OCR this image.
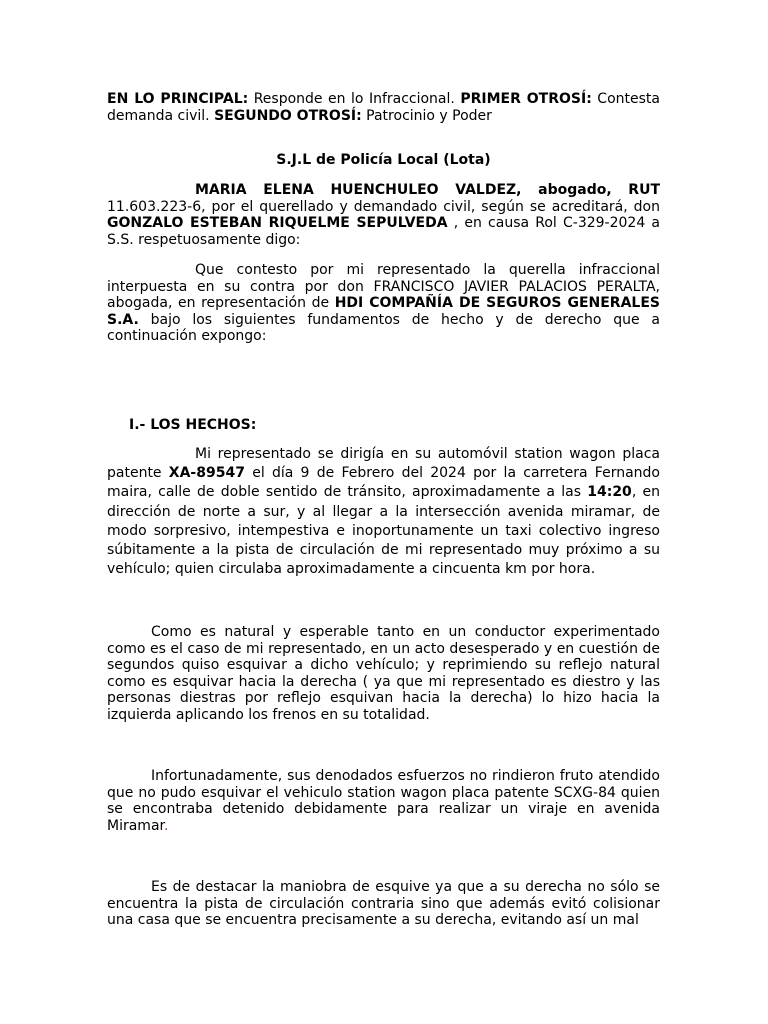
EN LO PRINCIPAL: Responde en lo Infraccional. PRIMER OTROSÍ: Contesta demanda civil. SEGUNDO OTROSÍ: Patrocinio y Poder

S.J.L de Policía Local (Lota)

MARIA ELENA HUENCHULEO VALDEZ, abogado, RUT 11.603.223-6, por el querellado y demandado civil, según se acreditará, don GONZALO ESTEBAN RIQUELME SEPULVEDA , en causa Rol C-329-2024 a S.S. respetuosamente digo:

Que contesto por mi representado la querella infraccional interpuesta en su contra por don FRANCISCO JAVIER PALACIOS PERALTA, abogada, en representación de HDI COMPAÑÍA DE SEGUROS GENERALES S.A. bajo los siguientes fundamentos de hecho y de derecho que a continuación expongo:

I.- LOS HECHOS:

Mi representado se dirigía en su automóvil station wagon placa patente XA-89547 el día 9 de Febrero del 2024 por la carretera Fernando maira, calle de doble sentido de tránsito, aproximadamente a las 14:20, en dirección de norte a sur, y al llegar a la intersección avenida miramar, de modo sorpresivo, intempestiva e inoportunamente un taxi colectivo ingreso súbitamente a la pista de circulación de mi representado muy próximo a su vehículo; quien circulaba aproximadamente a cincuenta km por hora.

Como es natural y esperable tanto en un conductor experimentado como es el caso de mi representado, en un acto desesperado y en cuestión de segundos quiso esquivar a dicho vehículo; y reprimiendo su reflejo natural como es esquivar hacia la derecha ( ya que mi representado es diestro y las personas diestras por reflejo esquivan hacia la derecha) lo hizo hacia la izquierda aplicando los frenos en su totalidad.

Infortunadamente, sus denodados esfuerzos no rindieron fruto atendido que no pudo esquivar el vehiculo station wagon placa patente SCXG-84 quien se encontraba detenido debidamente para realizar un viraje en avenida Miramar.

Es de destacar la maniobra de esquive ya que a su derecha no sólo se encuentra la pista de circulación contraria sino que además evitó colisionar una casa que se encuentra precisamente a su derecha, evitando así un mal
